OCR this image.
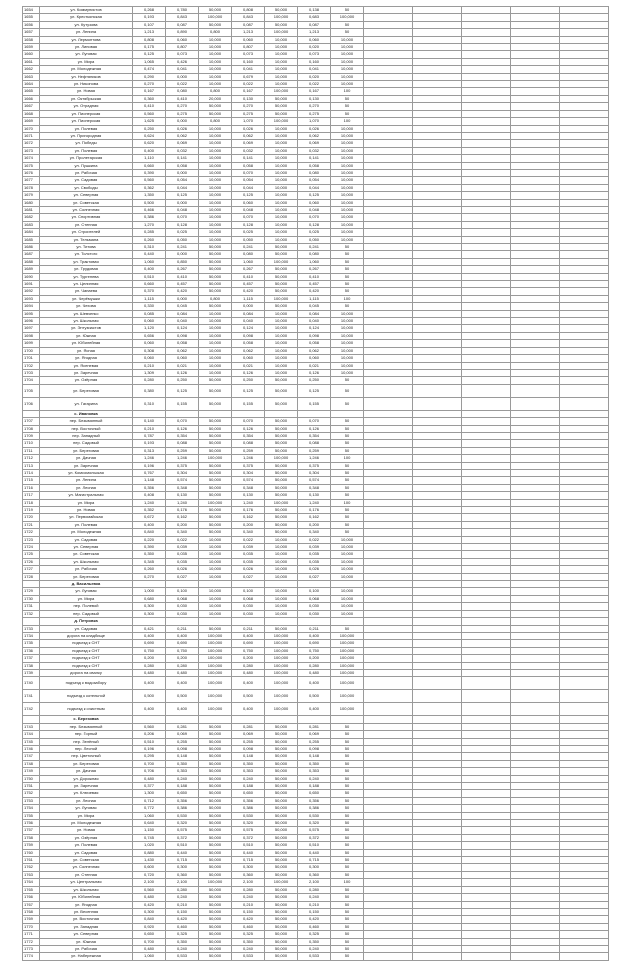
1654	ул. Коммунистов	0,268	0,780	50,000	0,808	50,000	0,138	50					
1655	ул. Крестьянская	0,193	0,843	100,000	0,843	100,000	0,683	100,000					
1656	ул. Кутузова	0,107	0,087	50,000	0,087	50,000	0,087	50					
1657	ул. Ленина	1,213	0,890	0,800	1,213	100,000	1,213	50					
1658	ул. Лермонтова	0,808	0,060	10,000	0,060	10,000	0,060	10,000					
1659	ул. Липовая	0,175	0,807	10,000	0,807	10,000	0,020	10,000					
1660	ул. Луговая	0,125	0,073	10,000	0,073	10,000	0,073	10,000					
1661	ул. Мира	1,065	0,426	10,000	0,160	10,000	0,160	10,000					
1662	ул. Молодежная	0,474	0,041	10,000	0,041	10,000	0,041	10,000					
1663	ул. Нефтяников	0,290	0,000	10,000	0,679	10,000	0,020	10,000					
1664	ул. Никонова	0,270	0,022	10,000	0,022	10,000	0,022	10,000					
1665	ул. Новая	0,167	0,080	0,800	0,167	100,000	0,167	100					
1666	ул. Октябрьская	0,360	0,410	20,000	0,130	50,000	0,130	50					
1667	ул. Отрадная	0,410	0,270	50,000	0,270	50,000	0,270	50					
1668	ул. Пионерская	0,560	0,275	50,000	0,275	50,000	0,275	50					
1669	ул. Пионерская	1,625	0,000	0,800	1,070	100,000	1,070	100					
1670	ул. Полевая	0,250	0,026	10,000	0,026	10,000	0,026	10,000					
1671	ул. Пригородная	0,624	0,062	10,000	0,062	10,000	0,062	10,000					
1672	ул. Победы	0,620	0,069	10,000	0,069	10,000	0,069	10,000					
1673	ул. Полевая	0,400	0,032	10,000	0,032	10,000	0,032	10,000					
1674	ул. Пролетарская	1,110	0,141	10,000	0,141	10,000	0,141	10,000					
1675	ул. Пушкина	0,660	0,058	10,000	0,058	10,000	0,058	10,000					
1676	ул. Рабочая	0,390	0,000	10,000	0,070	10,000	0,080	10,000					
1677	ул. Садовая	0,560	0,054	10,000	0,054	10,000	0,054	10,000					
1678	ул. Свободы	0,362	0,044	10,000	0,044	10,000	0,044	10,000					
1679	ул. Северная	1,350	0,125	10,000	0,125	10,000	0,125	10,000					
1680	ул. Советская	0,500	0,000	10,000	0,060	10,000	0,060	10,000					
1681	ул. Солнечная	0,466	0,048	10,000	0,048	10,000	0,048	10,000					
1682	ул. Спортивная	0,386	0,070	10,000	0,070	10,000	0,070	10,000					
1683	ул. Степная	1,270	0,128	10,000	0,128	10,000	0,128	10,000					
1684	ул. Строителей	0,285	0,025	10,000	0,025	10,000	0,025	10,000					
1685	ул. Тельмана	0,260	0,050	10,000	0,050	10,000	0,050	10,000					
1686	ул. Титова	0,310	0,241	50,000	0,241	50,000	0,241	50					
1687	ул. Толстого	0,440	0,000	50,000	0,080	50,000	0,080	50					
1688	ул. Трактовая	1,060	0,850	50,000	1,060	100,000	1,060	50					
1689	ул. Трудовая	0,400	0,267	50,000	0,267	50,000	0,267	50					
1690	ул. Тургенева	0,510	0,410	50,000	0,410	50,000	0,410	50					
1691	ул. Целинная	0,660	0,457	50,000	0,457	50,000	0,457	50					
1692	ул. Чапаева	0,370	0,420	50,000	0,420	50,000	0,420	50					
1693	ул. Черёмушки	1,115	0,000	0,800	1,115	100,000	1,115	100					
1694	ул. Чехова	0,330	0,045	50,000	0,000	50,000	0,045	50					
1695	ул. Шевченко	0,085	0,084	10,000	0,084	10,000	0,084	10,000					
1696	ул. Школьная	0,060	0,040	10,000	0,040	10,000	0,040	10,000					
1697	ул. Энтузиастов	1,120	0,124	10,000	0,124	10,000	0,124	10,000					
1698	ул. Южная	0,656	0,098	10,000	0,098	10,000	0,098	10,000					
1699	ул. Юбилейная	0,060	0,058	10,000	0,058	10,000	0,058	10,000					
1700	ул. Ясная	0,308	0,062	10,000	0,062	10,000	0,062	10,000					
1701	ул. Ягодная	0,060	0,060	10,000	0,060	10,000	0,060	10,000					
1702	ул. Ясеневая	0,210	0,021	10,000	0,021	10,000	0,021	10,000					
1703	ул. Заречная	1,309	0,126	10,000	0,126	10,000	0,126	10,000					
1704	ул. Озёрная	0,280	0,250	50,000	0,250	50,000	0,250	50					
1705	ул. Береговая	0,380	0,125	50,000	0,125	50,000	0,125	50					
1706	ул. Гагарина	0,310	0,155	50,000	0,155	50,000	0,155	50					
	с. Ивановка												
1707	пер. Безымянный	0,140	0,070	50,000	0,070	50,000	0,070	50					
1708	пер. Восточный	0,210	0,126	50,000	0,126	50,000	0,126	50					
1709	пер. Западный	0,787	0,354	50,000	0,354	50,000	0,354	50					
1710	пер. Садовый	0,193	0,088	50,000	0,088	50,000	0,088	50					
1711	ул. Береговая	0,313	0,259	50,000	0,259	50,000	0,259	50					
1712	ул. Дачная	1,246	1,246	100,000	1,246	100,000	1,246	100					
1713	ул. Заречная	0,196	0,375	50,000	0,375	50,000	0,375	50					
1714	ул. Комсомольская	0,767	0,304	50,000	0,304	50,000	0,304	50					
1715	ул. Ленина	1,148	0,574	50,000	0,574	50,000	0,574	50					
1716	ул. Лесная	0,356	0,348	50,000	0,348	50,000	0,348	50					
1717	ул. Магистральная	0,408	0,130	50,000	0,130	50,000	0,130	50					
1718	ул. Мира	1,240	1,240	100,000	1,240	100,000	1,240	100					
1719	ул. Новая	0,352	0,176	50,000	0,176	50,000	0,176	50					
1720	ул. Первомайская	0,672	0,162	50,000	0,162	50,000	0,162	50					
1721	ул. Полевая	0,400	0,200	50,000	0,200	50,000	0,200	50					
1722	ул. Молодежная	0,840	0,340	50,000	0,340	50,000	0,340	50					
1723	ул. Садовая	0,220	0,022	10,000	0,022	10,000	0,022	10,000					
1724	ул. Северная	0,390	0,039	10,000	0,039	10,000	0,039	10,000					
1725	ул. Советская	0,350	0,035	10,000	0,035	10,000	0,035	10,000					
1726	ул. Школьная	0,345	0,035	10,000	0,035	10,000	0,035	10,000					
1727	ул. Рабочая	0,260	0,026	10,000	0,026	10,000	0,026	10,000					
1728	ул. Береговая	0,270	0,027	10,000	0,027	10,000	0,027	10,000					
	д. Васильевка												
1729	ул. Луговая	1,000	0,100	10,000	0,100	10,000	0,100	10,000					
1730	ул. Мира	0,680	0,068	10,000	0,068	10,000	0,068	10,000					
1731	пер. Полевой	0,300	0,030	10,000	0,030	10,000	0,030	10,000					
1732	пер. Садовый	0,300	0,030	10,000	0,030	10,000	0,030	10,000					
	д. Петровка												
1733	ул. Садовая	0,421	0,211	50,000	0,211	50,000	0,211	50					
1734	дорога на кладбище	0,400	0,400	100,000	0,400	100,000	0,400	100,000					
1735	подъезд к СНТ	0,690	0,690	100,000	0,690	100,000	0,690	100,000					
1736	подъезд к СНТ	0,750	0,750	100,000	0,750	100,000	0,750	100,000					
1737	подъезд к СНТ	0,200	0,200	100,000	0,200	100,000	0,200	100,000					
1738	подъезд к СНТ	0,280	0,280	100,000	0,280	100,000	0,280	100,000					
1739	дорога на свалку	0,480	0,480	100,000	0,480	100,000	0,480	100,000					
1740	подъезд к водозабору	0,400	0,400	100,000	0,400	100,000	0,400	100,000					
1741	подъезд к котельной	0,500	0,500	100,000	0,500	100,000	0,500	100,000					
1742	подъезд к очистным	0,400	0,400	100,000	0,400	100,000	0,400	100,000					
	с. Березовка												
1743	пер. Безымянный	0,560	0,281	50,000	0,281	50,000	0,281	50					
1744	пер. Горный	0,206	0,069	50,000	0,069	50,000	0,069	50					
1745	пер. Зелёный	0,510	0,255	50,000	0,255	50,000	0,255	50					
1746	пер. Лесной	0,196	0,098	50,000	0,098	50,000	0,098	50					
1747	пер. Цветочный	0,295	0,148	50,000	0,148	50,000	0,148	50					
1748	ул. Береговая	0,700	0,350	50,000	0,350	50,000	0,350	50					
1749	ул. Дачная	0,706	0,353	50,000	0,353	50,000	0,353	50					
1750	ул. Дорожная	0,480	0,240	50,000	0,240	50,000	0,240	50					
1751	ул. Заречная	0,377	0,188	50,000	0,188	50,000	0,188	50					
1752	ул. Ключевая	1,300	0,650	50,000	0,650	50,000	0,650	50					
1753	ул. Лесная	0,712	0,356	50,000	0,356	50,000	0,356	50					
1754	ул. Луговая	0,772	0,386	50,000	0,386	50,000	0,386	50					
1755	ул. Мира	1,060	0,530	50,000	0,530	50,000	0,530	50					
1756	ул. Молодежная	0,640	0,320	50,000	0,320	50,000	0,320	50					
1757	ул. Новая	1,150	0,575	50,000	0,575	50,000	0,575	50					
1758	ул. Озёрная	0,745	0,372	50,000	0,372	50,000	0,372	50					
1759	ул. Полевая	1,020	0,510	50,000	0,510	50,000	0,510	50					
1760	ул. Садовая	0,880	0,440	50,000	0,440	50,000	0,440	50					
1761	ул. Советская	1,430	0,715	50,000	0,715	50,000	0,715	50					
1762	ул. Солнечная	0,600	0,300	50,000	0,300	50,000	0,300	50					
1763	ул. Степная	0,720	0,360	50,000	0,360	50,000	0,360	50					
1764	ул. Центральная	2,100	2,100	100,000	2,100	100,000	2,100	100					
1765	ул. Школьная	0,560	0,280	50,000	0,280	50,000	0,280	50					
1766	ул. Юбилейная	0,480	0,240	50,000	0,240	50,000	0,240	50					
1767	ул. Ягодная	0,420	0,210	50,000	0,210	50,000	0,210	50					
1768	ул. Весенняя	0,300	0,150	50,000	0,150	50,000	0,150	50					
1769	ул. Восточная	0,840	0,420	50,000	0,420	50,000	0,420	50					
1770	ул. Западная	0,920	0,460	50,000	0,460	50,000	0,460	50					
1771	ул. Северная	0,650	0,325	50,000	0,325	50,000	0,325	50					
1772	ул. Южная	0,700	0,350	50,000	0,350	50,000	0,350	50					
1773	ул. Рабочая	0,480	0,240	50,000	0,240	50,000	0,240	50					
1774	ул. Набережная	1,060	0,533	50,000	0,533	50,000	0,533	50					
